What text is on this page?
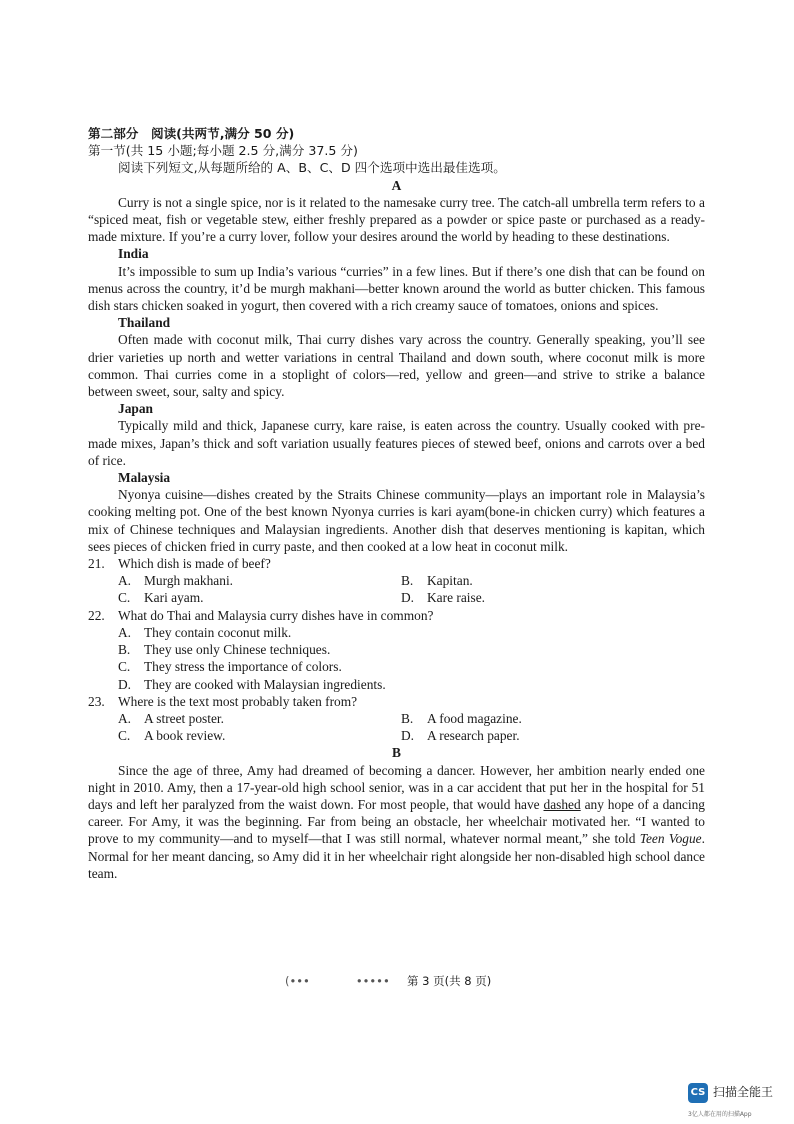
第二部分　阅读(共两节,满分 50 分)
第一节(共 15 小题;每小题 2.5 分,满分 37.5 分)
阅读下列短文,从每题所给的 A、B、C、D 四个选项中选出最佳选项。
A

Curry is not a single spice, nor is it related to the namesake curry tree. The catch-all umbrella term refers to a “spiced meat, fish or vegetable stew, either freshly prepared as a powder or spice paste or purchased as a ready-made mixture. If you’re a curry lover, follow your desires around the world by heading to these destinations.

India

It’s impossible to sum up India’s various “curries” in a few lines. But if there’s one dish that can be found on menus across the country, it’d be murgh makhani—better known around the world as butter chicken. This famous dish stars chicken soaked in yogurt, then covered with a rich creamy sauce of tomatoes, onions and spices.

Thailand

Often made with coconut milk, Thai curry dishes vary across the country. Generally speaking, you’ll see drier varieties up north and wetter variations in central Thailand and down south, where coconut milk is more common. Thai curries come in a stoplight of colors—red, yellow and green—and strive to strike a balance between sweet, sour, salty and spicy.

Japan

Typically mild and thick, Japanese curry, kare raise, is eaten across the country. Usually cooked with pre-made mixes, Japan’s thick and soft variation usually features pieces of stewed beef, onions and carrots over a bed of rice.

Malaysia

Nyonya cuisine—dishes created by the Straits Chinese community—plays an important role in Malaysia’s cooking melting pot. One of the best known Nyonya curries is kari ayam(bone-in chicken curry) which features a mix of Chinese techniques and Malaysian ingredients. Another dish that deserves mentioning is kapitan, which sees pieces of chicken fried in curry paste, and then cooked at a low heat in coconut milk.

21. Which dish is made of beef?
A. Murgh makhani.	B. Kapitan.
C. Kari ayam.	D. Kare raise.
22. What do Thai and Malaysia curry dishes have in common?
A. They contain coconut milk.
B. They use only Chinese techniques.
C. They stress the importance of colors.
D. They are cooked with Malaysian ingredients.
23. Where is the text most probably taken from?
A. A street poster.	B. A food magazine.
C. A book review.	D. A research paper.
B

Since the age of three, Amy had dreamed of becoming a dancer. However, her ambition nearly ended one night in 2010. Amy, then a 17-year-old high school senior, was in a car accident that put her in the hospital for 51 days and left her paralyzed from the waist down. For most people, that would have dashed any hope of a dancing career. For Amy, it was the beginning. Far from being an obstacle, her wheelchair motivated her. “I wanted to prove to my community—and to myself—that I was still normal, whatever normal meant,” she told Teen Vogue. Normal for her meant dancing, so Amy did it in her wheelchair right alongside her non-disabled high school dance team.

(•••　　　　••••• 第 3 页(共 8 页)
CS 扫描全能王
3亿人都在用的扫描App
